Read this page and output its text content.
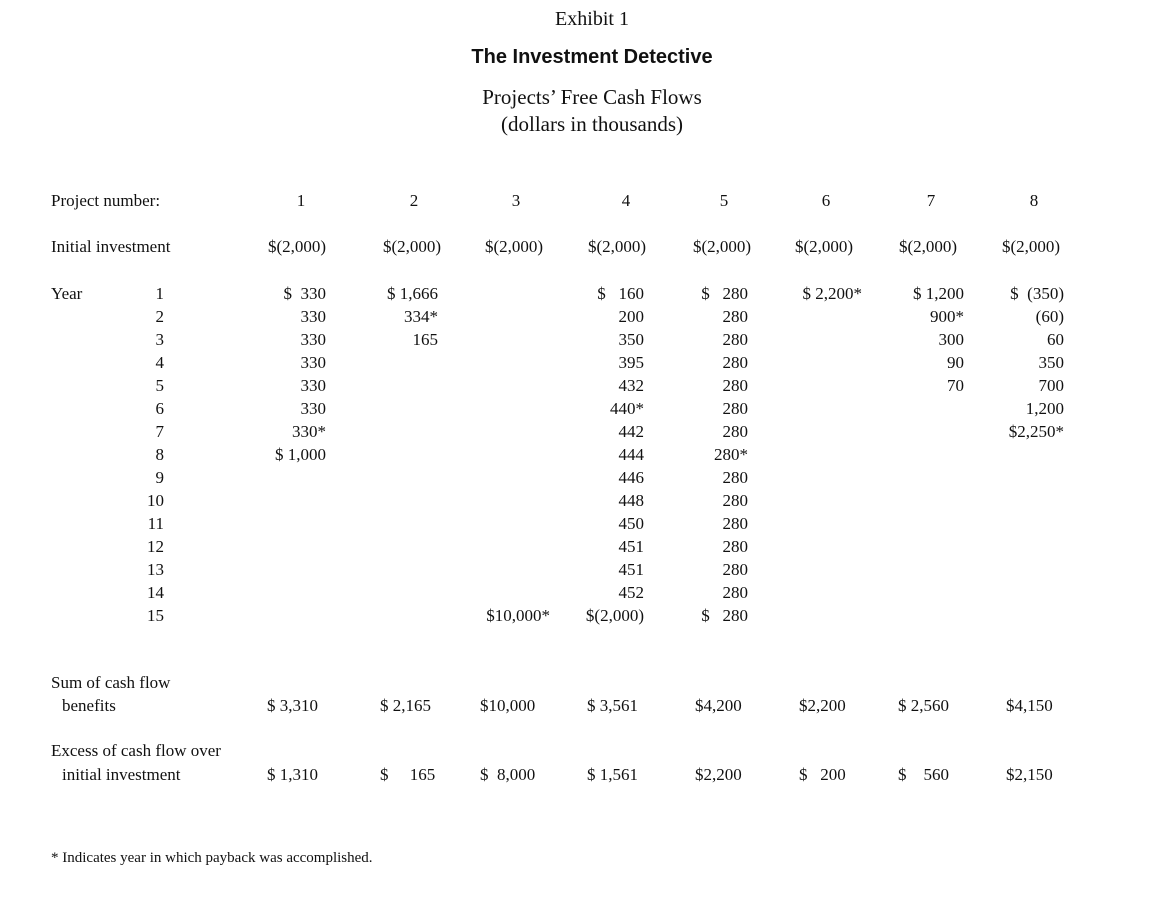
Exhibit 1
The Investment Detective
Projects’ Free Cash Flows
(dollars in thousands)
Project number:
Initial investment
Year
Sum of cash flow
benefits
Excess of cash flow over
initial investment
1
2
3
4
5
6
7
8
9
10
11
12
13
14
15
1
$(2,000)
$  330
330
330
330
330
330
330*
$ 1,000
$ 3,310
$ 1,310
2
$(2,000)
$ 1,666
334*
165
$ 2,165
$     165
3
$(2,000)
$10,000*
$10,000
$  8,000
4
$(2,000)
$   160
200
350
395
432
440*
442
444
446
448
450
451
451
452
$(2,000)
$ 3,561
$ 1,561
5
$(2,000)
$   280
280
280
280
280
280
280
280*
280
280
280
280
280
280
$   280
$4,200
$2,200
6
$(2,000)
$ 2,200*
$2,200
$   200
7
$(2,000)
$ 1,200
900*
300
90
70
$ 2,560
$    560
8
$(2,000)
$  (350)
(60)
60
350
700
1,200
$2,250*
$4,150
$2,150
* Indicates year in which payback was accomplished.
